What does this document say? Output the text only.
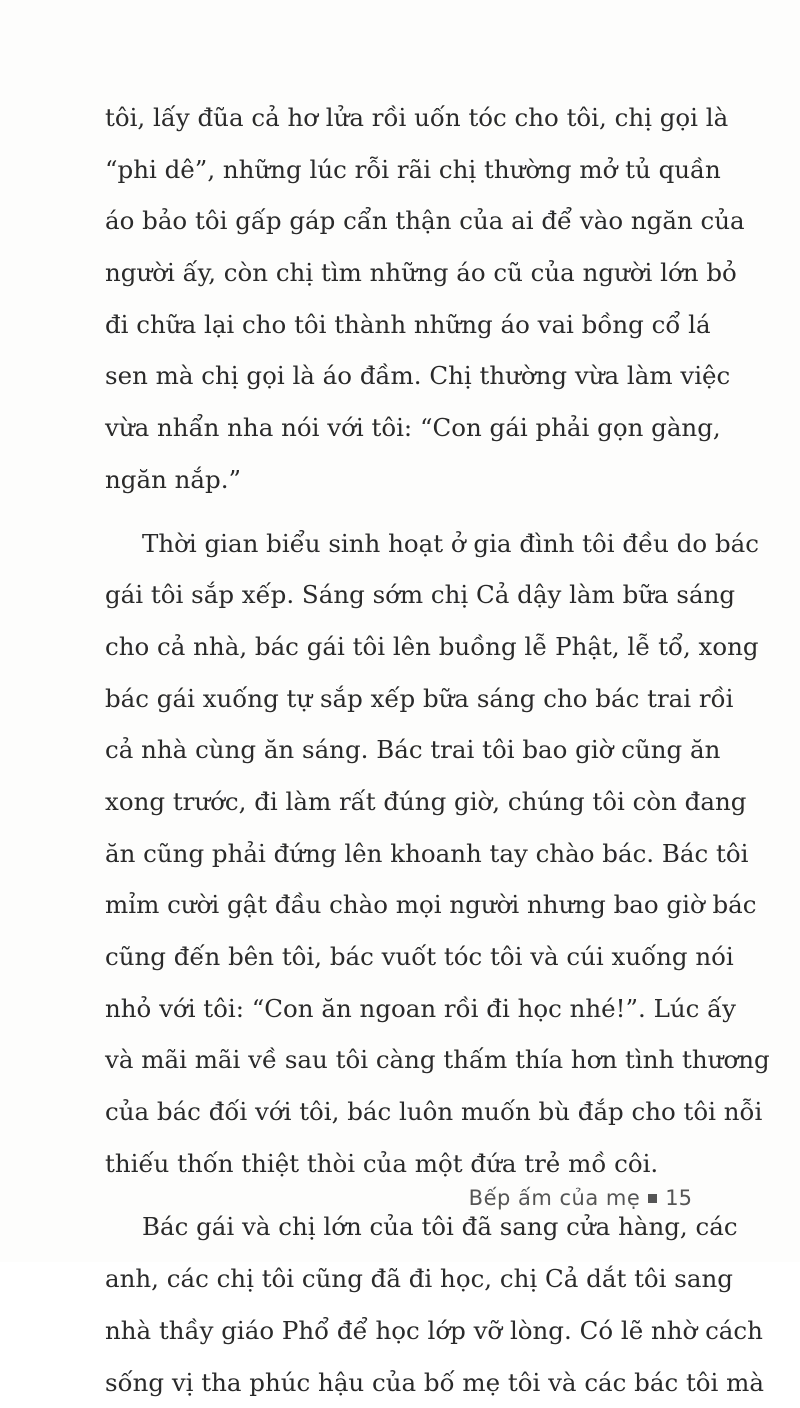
tôi, lấy đũa cả hơ lửa rồi uốn tóc cho tôi, chị gọi là
“phi dê”, những lúc rỗi rãi chị thường mở tủ quần
áo bảo tôi gấp gáp cẩn thận của ai để vào ngăn của
người ấy, còn chị tìm những áo cũ của người lớn bỏ
đi chữa lại cho tôi thành những áo vai bồng cổ lá
sen mà chị gọi là áo đầm. Chị thường vừa làm việc
vừa nhẩn nha nói với tôi: “Con gái phải gọn gàng,
ngăn nắp.”
Thời gian biểu sinh hoạt ở gia đình tôi đều do bác
gái tôi sắp xếp. Sáng sớm chị Cả dậy làm bữa sáng
cho cả nhà, bác gái tôi lên buồng lễ Phật, lễ tổ, xong
bác gái xuống tự sắp xếp bữa sáng cho bác trai rồi
cả nhà cùng ăn sáng. Bác trai tôi bao giờ cũng ăn
xong trước, đi làm rất đúng giờ, chúng tôi còn đang
ăn cũng phải đứng lên khoanh tay chào bác. Bác tôi
mỉm cười gật đầu chào mọi người nhưng bao giờ bác
cũng đến bên tôi, bác vuốt tóc tôi và cúi xuống nói
nhỏ với tôi: “Con ăn ngoan rồi đi học nhé!”. Lúc ấy
và mãi mãi về sau tôi càng thấm thía hơn tình thương
của bác đối với tôi, bác luôn muốn bù đắp cho tôi nỗi
thiếu thốn thiệt thòi của một đứa trẻ mồ côi.
Bác gái và chị lớn của tôi đã sang cửa hàng, các
anh, các chị tôi cũng đã đi học, chị Cả dắt tôi sang
nhà thầy giáo Phổ để học lớp vỡ lòng. Có lẽ nhờ cách
sống vị tha phúc hậu của bố mẹ tôi và các bác tôi mà
Bếp ấm của mẹ 15
